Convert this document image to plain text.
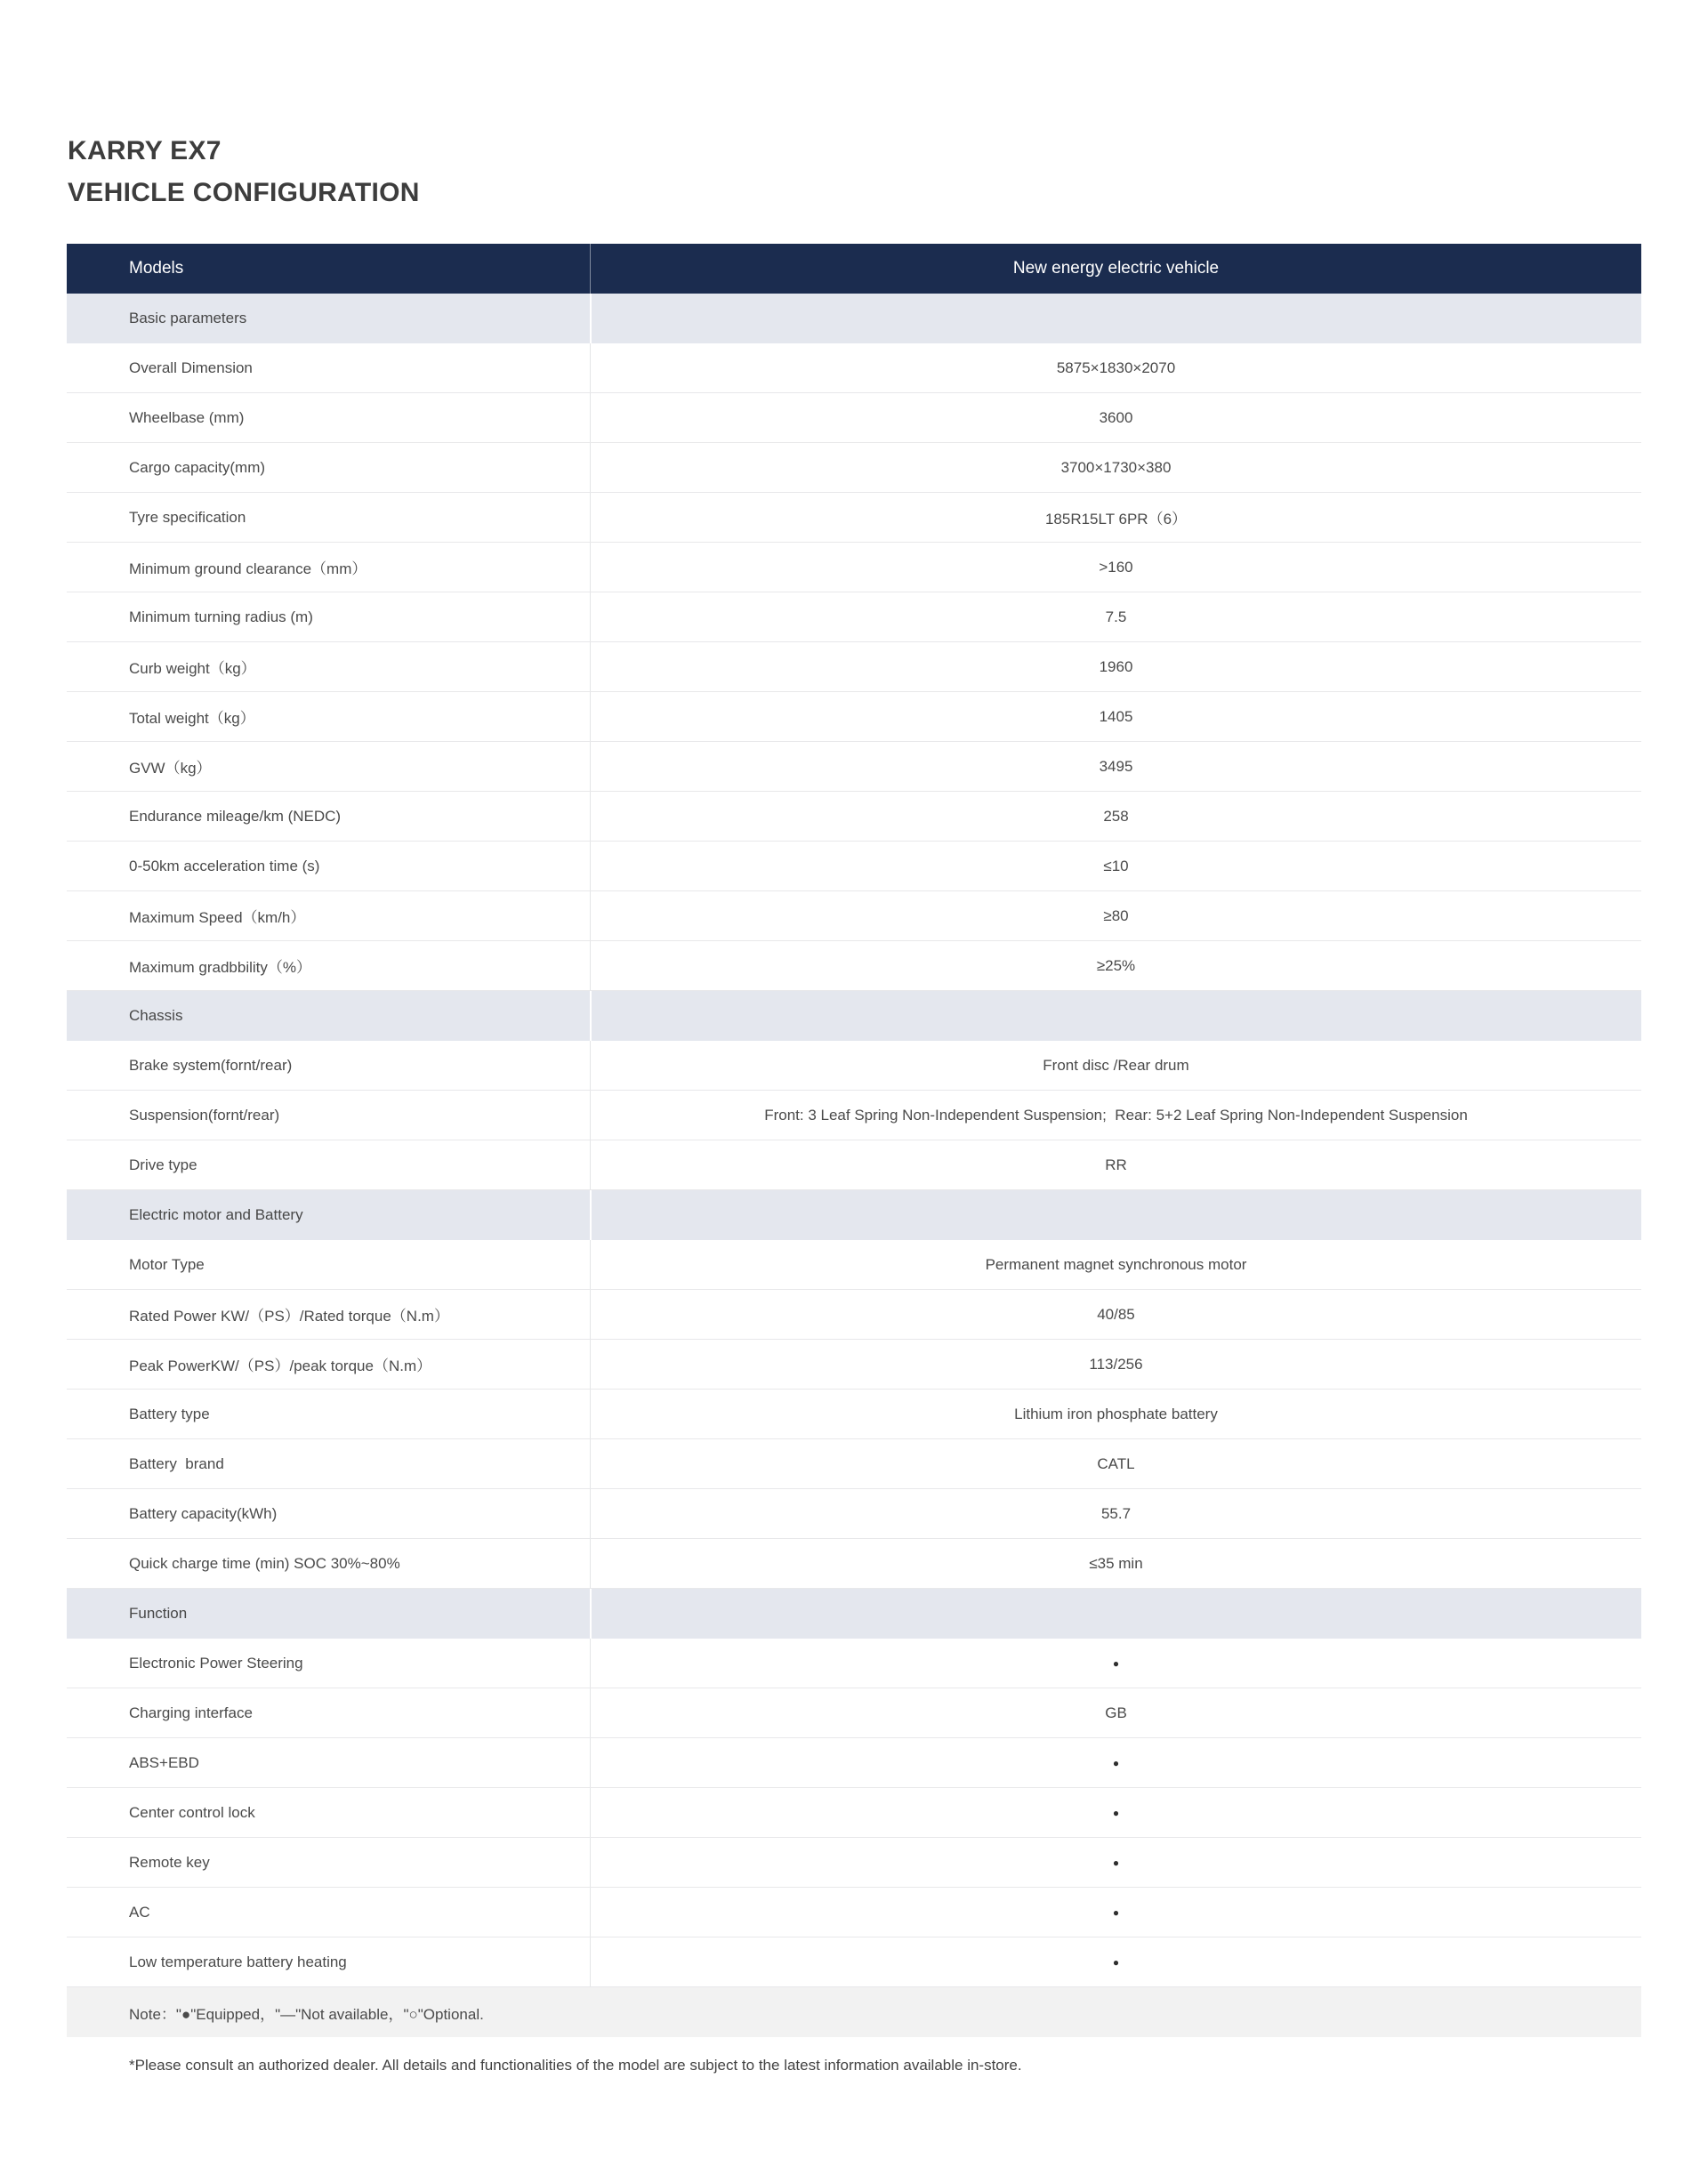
KARRY EX7
VEHICLE CONFIGURATION
Models	New energy electric vehicle
Basic parameters
Overall Dimension	5875×1830×2070
Wheelbase (mm)	3600
Cargo capacity(mm)	3700×1730×380
Tyre specification	185R15LT 6PR（6）
Minimum ground clearance（mm）	>160
Minimum turning radius (m)	7.5
Curb weight（kg）	1960
Total weight（kg）	1405
GVW（kg）	3495
Endurance mileage/km (NEDC)	258
0-50km acceleration time (s)	≤10
Maximum Speed（km/h）	≥80
Maximum gradbbility（%）	≥25%
Chassis
Brake system(fornt/rear)	Front disc /Rear drum
Suspension(fornt/rear)	Front: 3 Leaf Spring Non-Independent Suspension;  Rear: 5+2 Leaf Spring Non-Independent Suspension
Drive type	RR
Electric motor and Battery
Motor Type	Permanent magnet synchronous motor
Rated Power KW/（PS）/Rated torque（N.m）	40/85
Peak PowerKW/（PS）/peak torque（N.m）	113/256
Battery type	Lithium iron phosphate battery
Battery  brand	CATL
Battery capacity(kWh)	55.7
Quick charge time (min) SOC 30%~80%	≤35 min
Function
Electronic Power Steering	●
Charging interface	GB
ABS+EBD	●
Center control lock	●
Remote key	●
AC	●
Low temperature battery heating	●
Note："●"Equipped，"—"Not available，"○"Optional.
*Please consult an authorized dealer. All details and functionalities of the model are subject to the latest information available in-store.
